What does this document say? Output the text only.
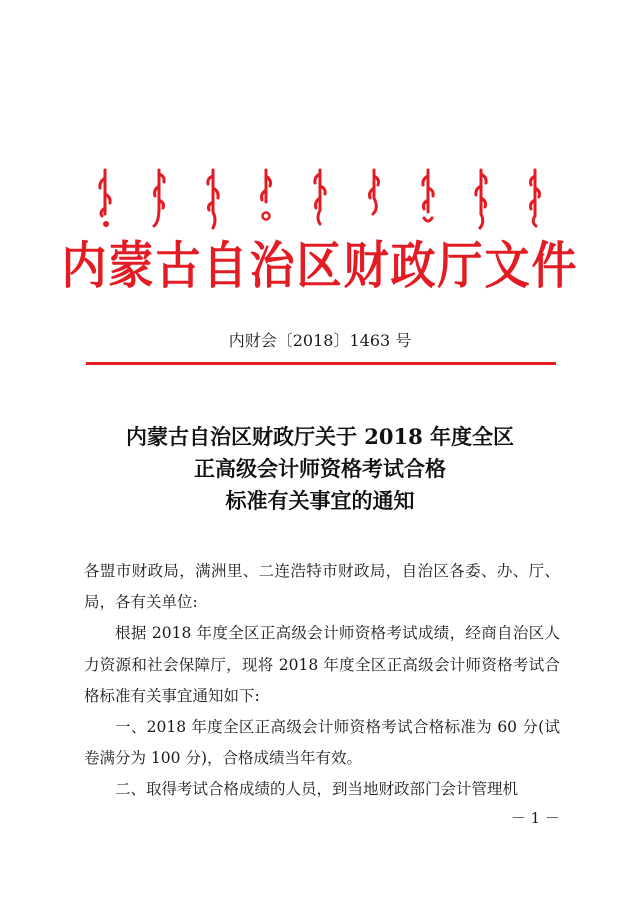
内蒙古自治区财政厅文件
内财会〔2018〕1463 号
内蒙古自治区财政厅关于 2018 年度全区
正高级会计师资格考试合格
标准有关事宜的通知

各盟市财政局，满洲里、二连浩特市财政局，自治区各委、办、厅、局，各有关单位:

根据 2018 年度全区正高级会计师资格考试成绩，经商自治区人力资源和社会保障厅，现将 2018 年度全区正高级会计师资格考试合格标准有关事宜通知如下:

一、2018 年度全区正高级会计师资格考试合格标准为 60 分(试卷满分为 100 分)，合格成绩当年有效。

二、取得考试合格成绩的人员，到当地财政部门会计管理机

－ 1 －
